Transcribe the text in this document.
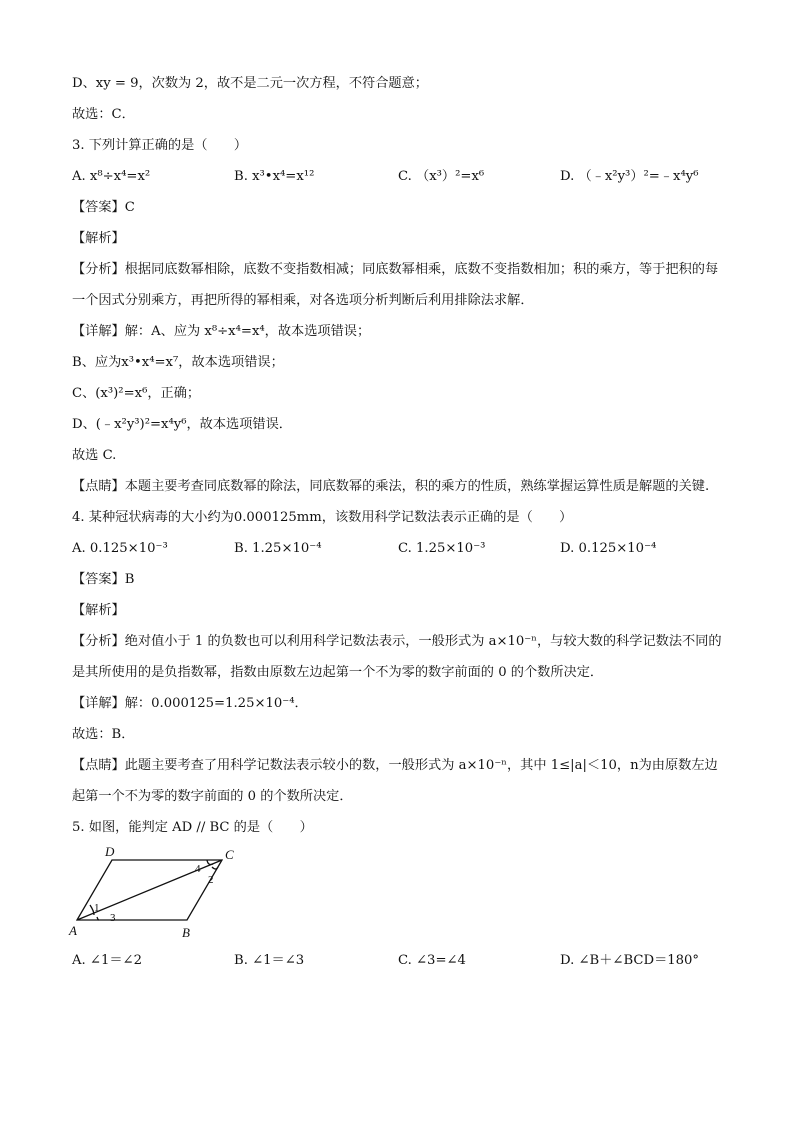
D、xy = 9，次数为 2，故不是二元一次方程，不符合题意；
故选：C．
3. 下列计算正确的是（　　）
A. x⁸÷x⁴=x²	B. x³•x⁴=x¹²	C. （x³）²=x⁶	D. （﹣x²y³）²=﹣x⁴y⁶
【答案】C
【解析】
【分析】根据同底数幂相除，底数不变指数相减；同底数幂相乘，底数不变指数相加；积的乘方，等于把积的每一个因式分别乘方，再把所得的幂相乘，对各选项分析判断后利用排除法求解．
【详解】解：A、应为 x⁸÷x⁴=x⁴，故本选项错误；
B、应为x³•x⁴=x⁷，故本选项错误；
C、(x³)²=x⁶，正确；
D、(﹣x²y³)²=x⁴y⁶，故本选项错误．
故选 C.
【点睛】本题主要考查同底数幂的除法，同底数幂的乘法，积的乘方的性质，熟练掌握运算性质是解题的关键.
4. 某种冠状病毒的大小约为0.000125mm，该数用科学记数法表示正确的是（　　）
A. 0.125×10⁻³	B. 1.25×10⁻⁴	C. 1.25×10⁻³	D. 0.125×10⁻⁴
【答案】B
【解析】
【分析】绝对值小于 1 的负数也可以利用科学记数法表示，一般形式为 a×10⁻ⁿ，与较大数的科学记数法不同的是其所使用的是负指数幂，指数由原数左边起第一个不为零的数字前面的 0 的个数所决定．
【详解】解：0.000125=1.25×10⁻⁴．
故选：B．
【点睛】此题主要考查了用科学记数法表示较小的数，一般形式为 a×10⁻ⁿ，其中 1≤|a|＜10，n为由原数左边起第一个不为零的数字前面的 0 的个数所决定．
5. 如图，能判定 AD // BC 的是（　　）
D	C
A	B
1
2
3
4
A. ∠1＝∠2	B. ∠1＝∠3	C. ∠3=∠4	D. ∠B＋∠BCD＝180°
